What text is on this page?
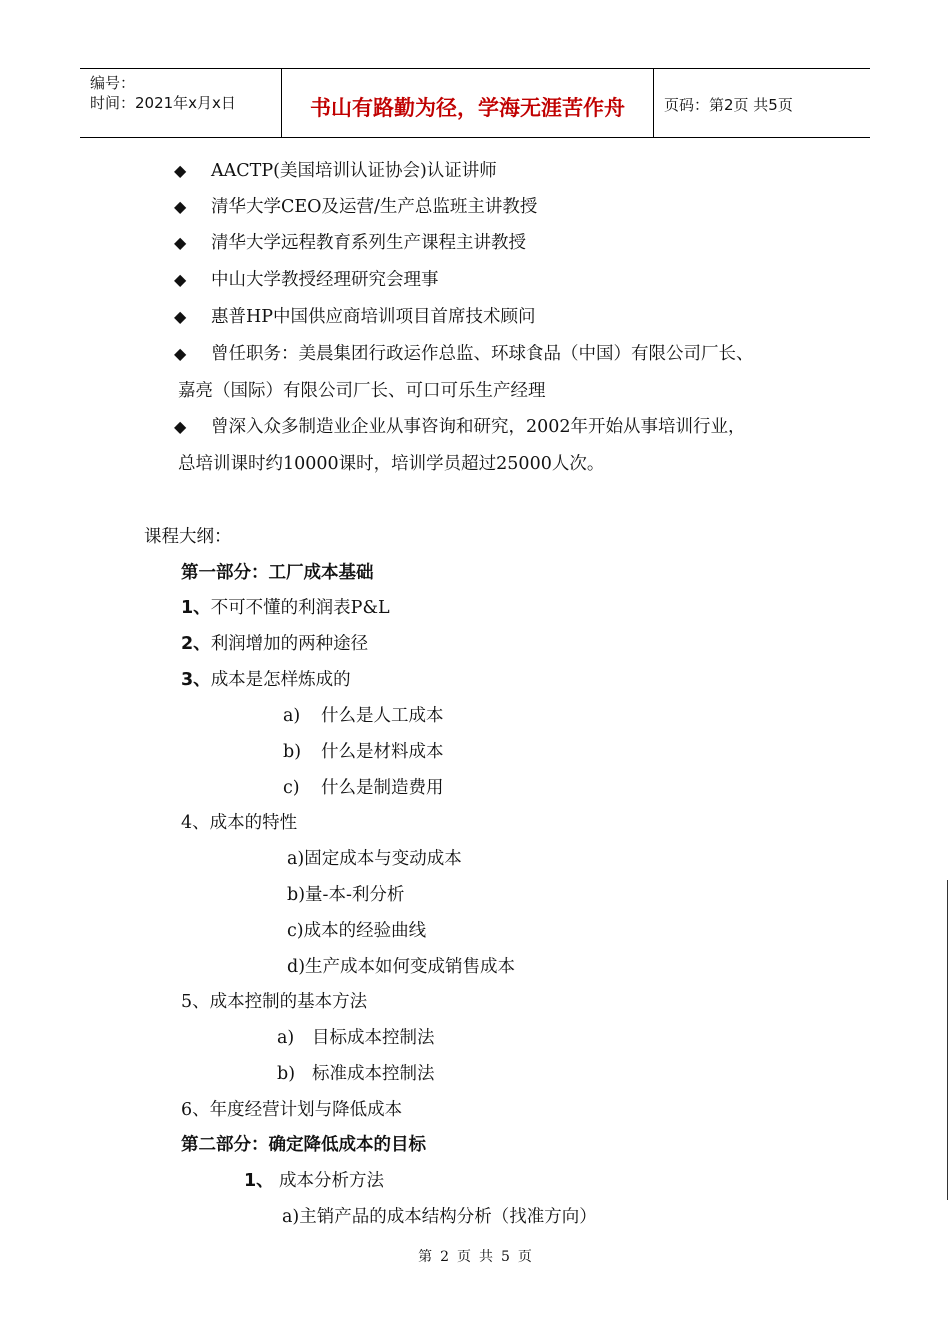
编号：
时间：2021年x月x日	书山有路勤为径，学海无涯苦作舟	页码：第2页 共5页
◆ AACTP(美国培训认证协会)认证讲师
◆ 清华大学CEO及运营/生产总监班主讲教授
◆ 清华大学远程教育系列生产课程主讲教授
◆ 中山大学教授经理研究会理事
◆ 惠普HP中国供应商培训项目首席技术顾问
◆ 曾任职务：美晨集团行政运作总监、环球食品（中国）有限公司厂长、
嘉亮（国际）有限公司厂长、可口可乐生产经理
◆ 曾深入众多制造业企业从事咨询和研究，2002年开始从事培训行业，
总培训课时约10000课时，培训学员超过25000人次。
课程大纲：
第一部分：工厂成本基础
1、不可不懂的利润表P&L
2、利润增加的两种途径
3、成本是怎样炼成的
a) 什么是人工成本
b) 什么是材料成本
c) 什么是制造费用
4、成本的特性
a)固定成本与变动成本
b)量-本-利分析
c)成本的经验曲线
d)生产成本如何变成销售成本
5、成本控制的基本方法
a) 目标成本控制法
b) 标准成本控制法
6、年度经营计划与降低成本
第二部分：确定降低成本的目标
1、 成本分析方法
a)主销产品的成本结构分析（找准方向）
第 2 页 共 5 页
